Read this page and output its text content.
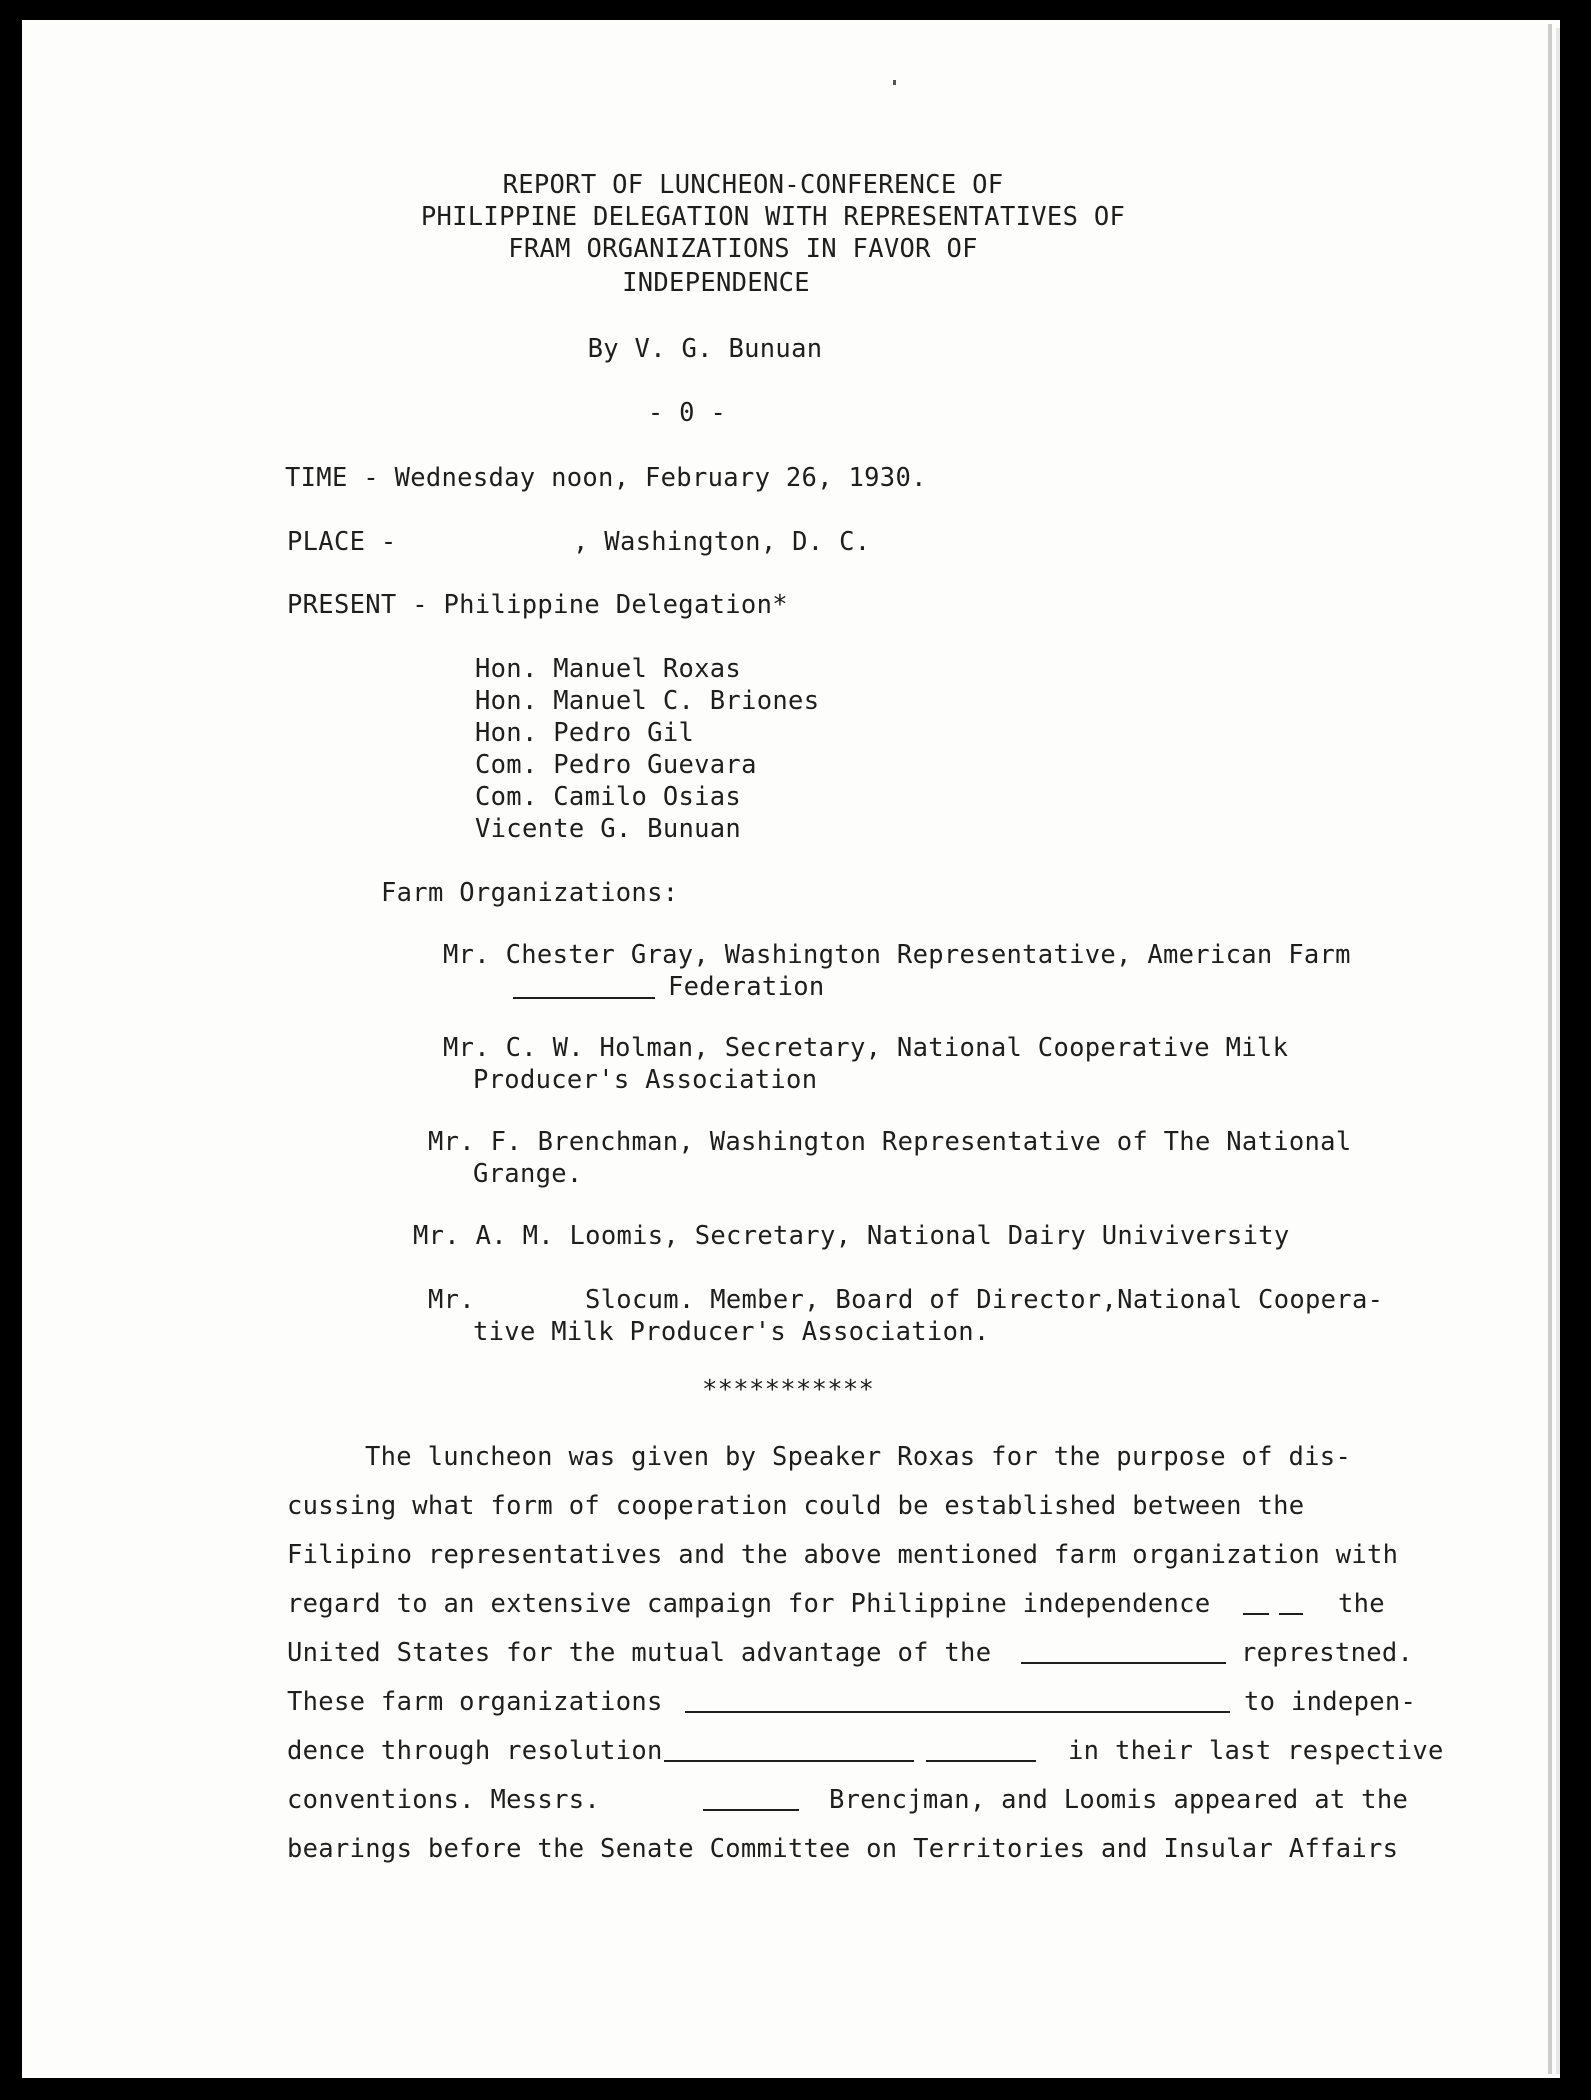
REPORT OF LUNCHEON-CONFERENCE OF
PHILIPPINE DELEGATION WITH REPRESENTATIVES OF
FRAM ORGANIZATIONS IN FAVOR OF
INDEPENDENCE
By V. G. Bunuan
- 0 -
TIME - Wednesday noon, February 26, 1930.
PLACE -	, Washington, D. C.
PRESENT - Philippine Delegation*
Hon. Manuel Roxas
Hon. Manuel C. Briones
Hon. Pedro Gil
Com. Pedro Guevara
Com. Camilo Osias
Vicente G. Bunuan
Farm Organizations:
Mr. Chester Gray, Washington Representative, American Farm
Federation
Mr. C. W. Holman, Secretary, National Cooperative Milk
Producer's Association
Mr. F. Brenchman, Washington Representative of The National
Grange.
Mr. A. M. Loomis, Secretary, National Dairy Univiversity
Mr.	Slocum. Member, Board of Director,National Coopera-
tive Milk Producer's Association.
***********
The luncheon was given by Speaker Roxas for the purpose of dis-
cussing what form of cooperation could be established between the
Filipino representatives and the above mentioned farm organization with
regard to an extensive campaign for Philippine independence	the
United States for the mutual advantage of the	represtned.
These farm organizations	to indepen-
dence through resolution	in their last respective
conventions. Messrs.	Brencjman, and Loomis appeared at the
bearings before the Senate Committee on Territories and Insular Affairs
